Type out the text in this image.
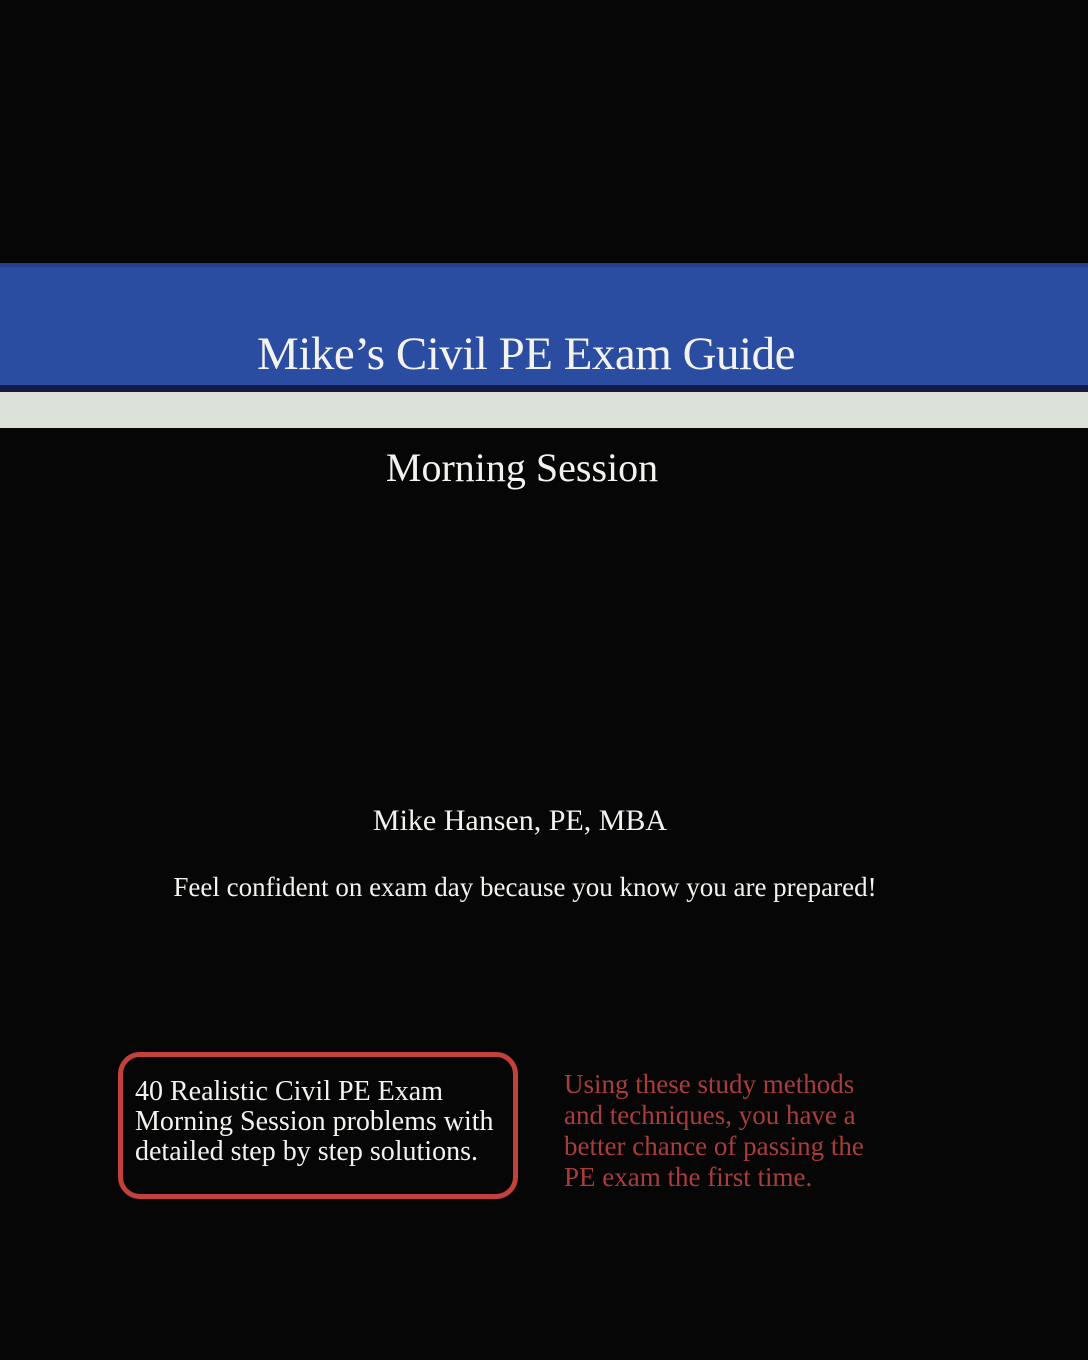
Mike’s Civil PE Exam Guide
Morning Session
Mike Hansen, PE, MBA
Feel confident on exam day because you know you are prepared!
40 Realistic Civil PE Exam
Morning Session problems with
detailed step by step solutions.
Using these study methods
and techniques, you have a
better chance of passing the
PE exam the first time.
